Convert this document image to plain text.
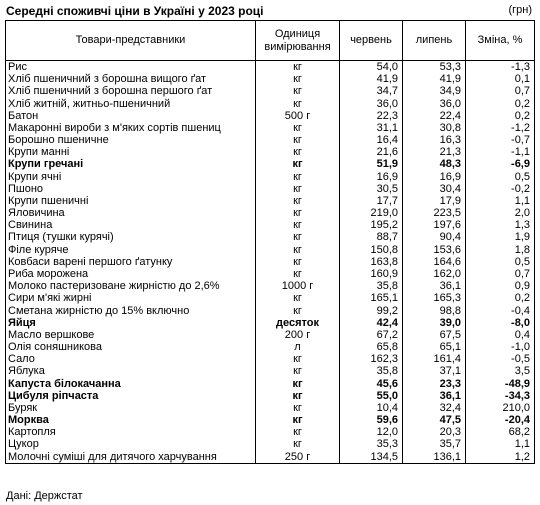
Середні споживчі ціни в Україні у 2023 році	(грн)
Товари-представники	Одиниця вимірювання	червень	липень	Зміна, %
Рис	кг	54,0	53,3	-1,3
Хліб пшеничний з борошна вищого ґат	кг	41,9	41,9	0,1
Хліб пшеничний з борошна першого ґат	кг	34,7	34,9	0,7
Хліб житній, житньо-пшеничний	кг	36,0	36,0	0,2
Батон	500 г	22,3	22,4	0,2
Макаронні вироби з м'яких сортів пшениц	кг	31,1	30,8	-1,2
Борошно пшеничне	кг	16,4	16,3	-0,7
Крупи манні	кг	21,6	21,3	-1,1
Крупи гречані	кг	51,9	48,3	-6,9
Крупи ячні	кг	16,9	16,9	0,5
Пшоно	кг	30,5	30,4	-0,2
Крупи пшеничні	кг	17,7	17,9	1,1
Яловичина	кг	219,0	223,5	2,0
Свинина	кг	195,2	197,6	1,3
Птиця (тушки курячі)	кг	88,7	90,4	1,9
Філе куряче	кг	150,8	153,6	1,8
Ковбаси варені першого ґатунку	кг	163,8	164,6	0,5
Риба морожена	кг	160,9	162,0	0,7
Молоко пастеризоване жирністю до 2,6%	1000 г	35,8	36,1	0,9
Сири м'які жирні	кг	165,1	165,3	0,2
Сметана жирністю до 15% включно	кг	99,2	98,8	-0,4
Яйця	десяток	42,4	39,0	-8,0
Масло вершкове	200 г	67,2	67,5	0,4
Олія соняшникова	л	65,8	65,1	-1,0
Сало	кг	162,3	161,4	-0,5
Яблука	кг	35,8	37,1	3,5
Капуста білокачанна	кг	45,6	23,3	-48,9
Цибуля ріпчаста	кг	55,0	36,1	-34,3
Буряк	кг	10,4	32,4	210,0
Морква	кг	59,6	47,5	-20,4
Картопля	кг	12,0	20,3	68,2
Цукор	кг	35,3	35,7	1,1
Молочні суміші для дитячого харчування	250 г	134,5	136,1	1,2
Дані: Держстат
